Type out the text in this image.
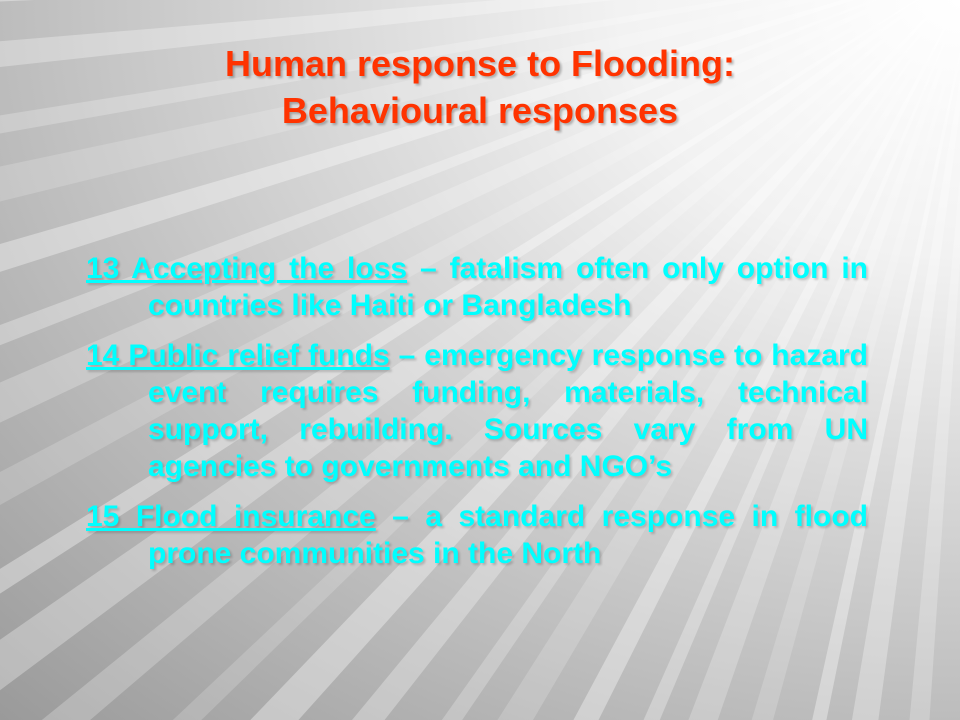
Human response to Flooding:
Behavioural responses
13 Accepting the loss – fatalism often only option in countries like Haiti or Bangladesh
14 Public relief funds – emergency response to hazard event requires funding, materials, technical support, rebuilding. Sources vary from UN agencies to governments and NGO’s
15 Flood insurance – a standard response in flood prone communities in the North
